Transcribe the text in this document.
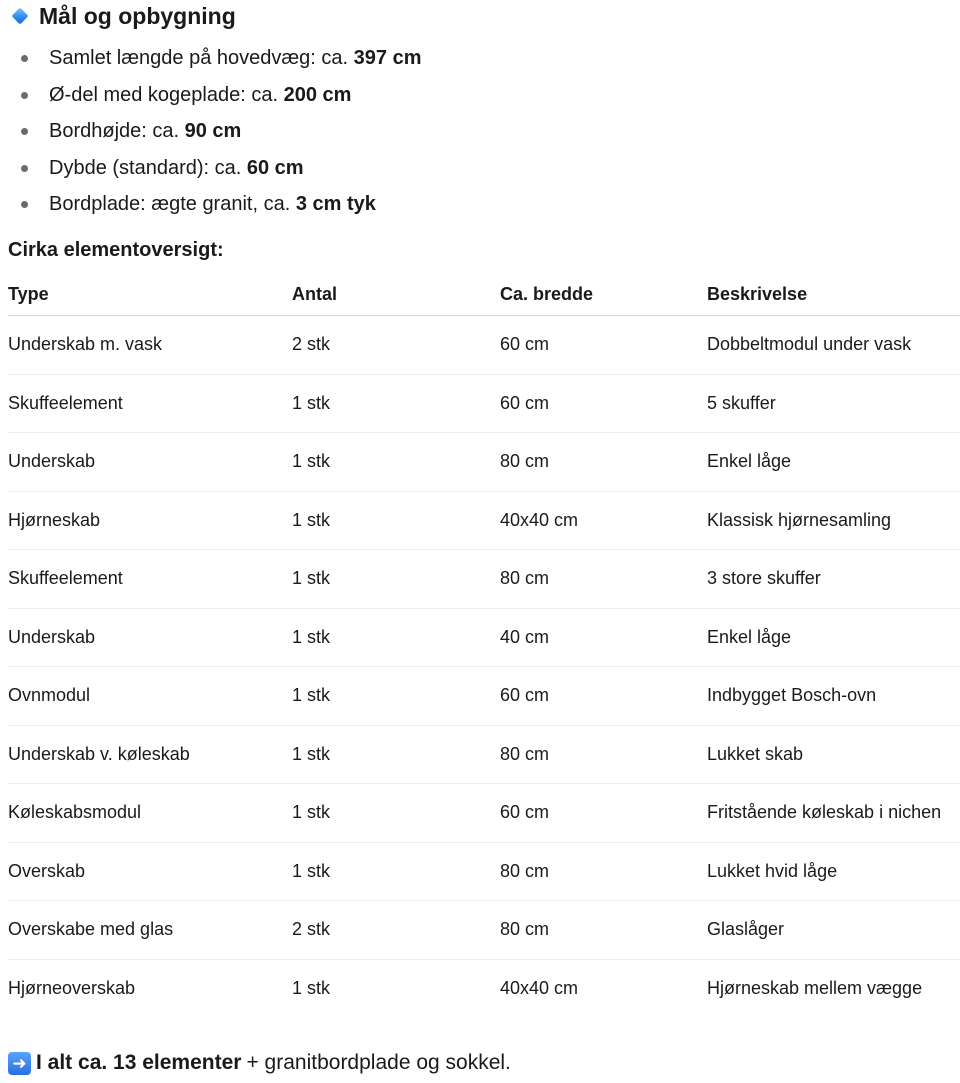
Mål og opbygning
Samlet længde på hovedvæg: ca. 397 cm
Ø-del med kogeplade: ca. 200 cm
Bordhøjde: ca. 90 cm
Dybde (standard): ca. 60 cm
Bordplade: ægte granit, ca. 3 cm tyk
Cirka elementoversigt:
Type	Antal	Ca. bredde	Beskrivelse
Underskab m. vask	2 stk	60 cm	Dobbeltmodul under vask
Skuffeelement	1 stk	60 cm	5 skuffer
Underskab	1 stk	80 cm	Enkel låge
Hjørneskab	1 stk	40x40 cm	Klassisk hjørnesamling
Skuffeelement	1 stk	80 cm	3 store skuffer
Underskab	1 stk	40 cm	Enkel låge
Ovnmodul	1 stk	60 cm	Indbygget Bosch-ovn
Underskab v. køleskab	1 stk	80 cm	Lukket skab
Køleskabsmodul	1 stk	60 cm	Fritstående køleskab i nichen
Overskab	1 stk	80 cm	Lukket hvid låge
Overskabe med glas	2 stk	80 cm	Glaslåger
Hjørneoverskab	1 stk	40x40 cm	Hjørneskab mellem vægge
➜ I alt ca. 13 elementer + granitbordplade og sokkel.
